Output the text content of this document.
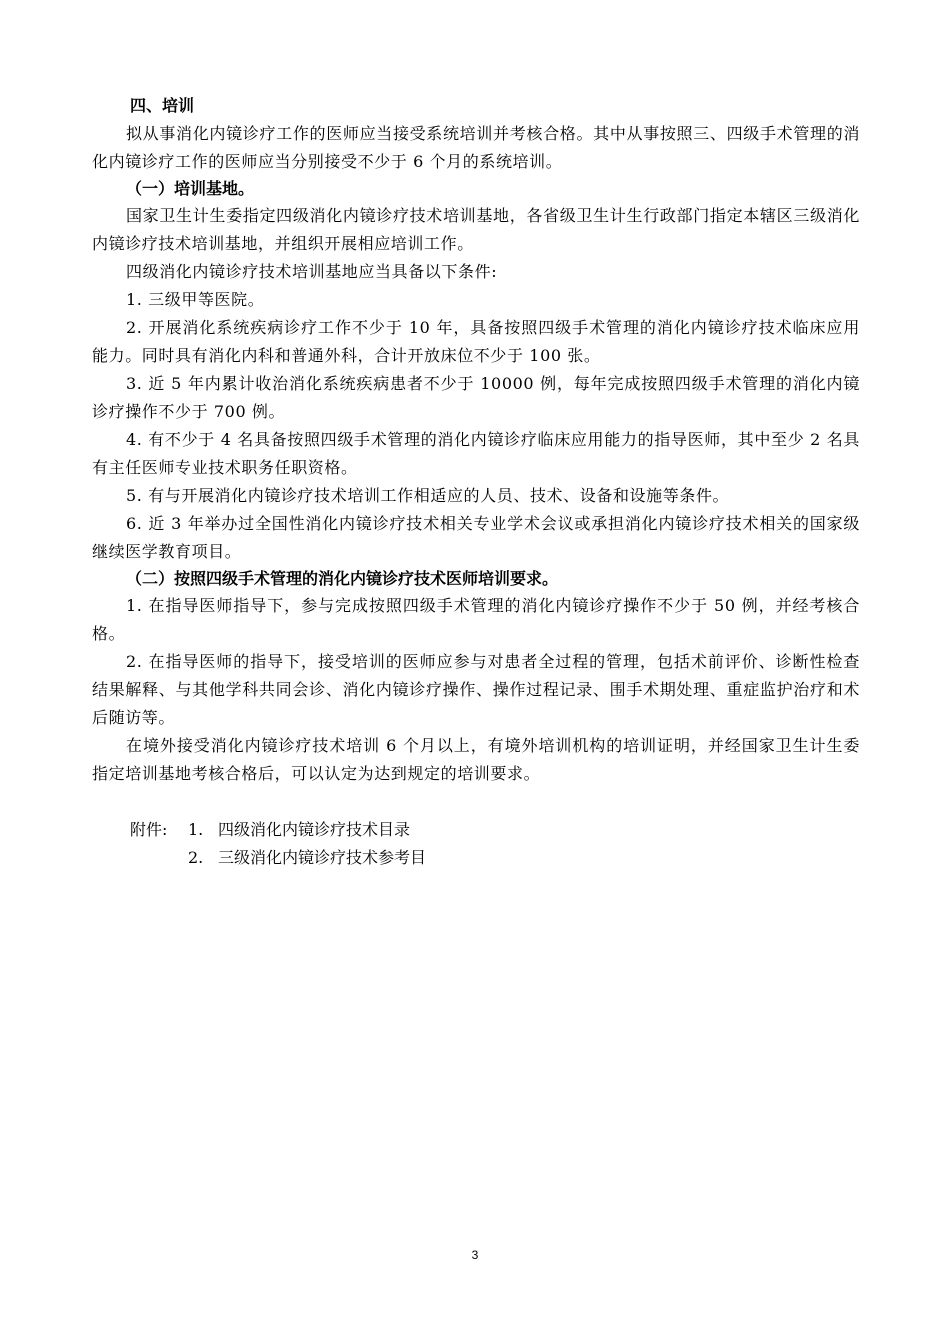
四、培训

拟从事消化内镜诊疗工作的医师应当接受系统培训并考核合格。其中从事按照三、四级手术管理的消化内镜诊疗工作的医师应当分别接受不少于 6 个月的系统培训。

（一）培训基地。

国家卫生计生委指定四级消化内镜诊疗技术培训基地，各省级卫生计生行政部门指定本辖区三级消化内镜诊疗技术培训基地，并组织开展相应培训工作。

四级消化内镜诊疗技术培训基地应当具备以下条件:

1. 三级甲等医院。

2. 开展消化系统疾病诊疗工作不少于 10 年，具备按照四级手术管理的消化内镜诊疗技术临床应用能力。同时具有消化内科和普通外科，合计开放床位不少于 100 张。

3. 近 5 年内累计收治消化系统疾病患者不少于 10000 例，每年完成按照四级手术管理的消化内镜诊疗操作不少于 700 例。

4. 有不少于 4 名具备按照四级手术管理的消化内镜诊疗临床应用能力的指导医师，其中至少 2 名具有主任医师专业技术职务任职资格。

5. 有与开展消化内镜诊疗技术培训工作相适应的人员、技术、设备和设施等条件。

6. 近 3 年举办过全国性消化内镜诊疗技术相关专业学术会议或承担消化内镜诊疗技术相关的国家级继续医学教育项目。

（二）按照四级手术管理的消化内镜诊疗技术医师培训要求。

1. 在指导医师指导下，参与完成按照四级手术管理的消化内镜诊疗操作不少于 50 例，并经考核合格。

2. 在指导医师的指导下，接受培训的医师应参与对患者全过程的管理，包括术前评价、诊断性检查结果解释、与其他学科共同会诊、消化内镜诊疗操作、操作过程记录、围手术期处理、重症监护治疗和术后随访等。

在境外接受消化内镜诊疗技术培训 6 个月以上，有境外培训机构的培训证明，并经国家卫生计生委指定培训基地考核合格后，可以认定为达到规定的培训要求。

附件:	1. 四级消化内镜诊疗技术目录
2. 三级消化内镜诊疗技术参考目
3
